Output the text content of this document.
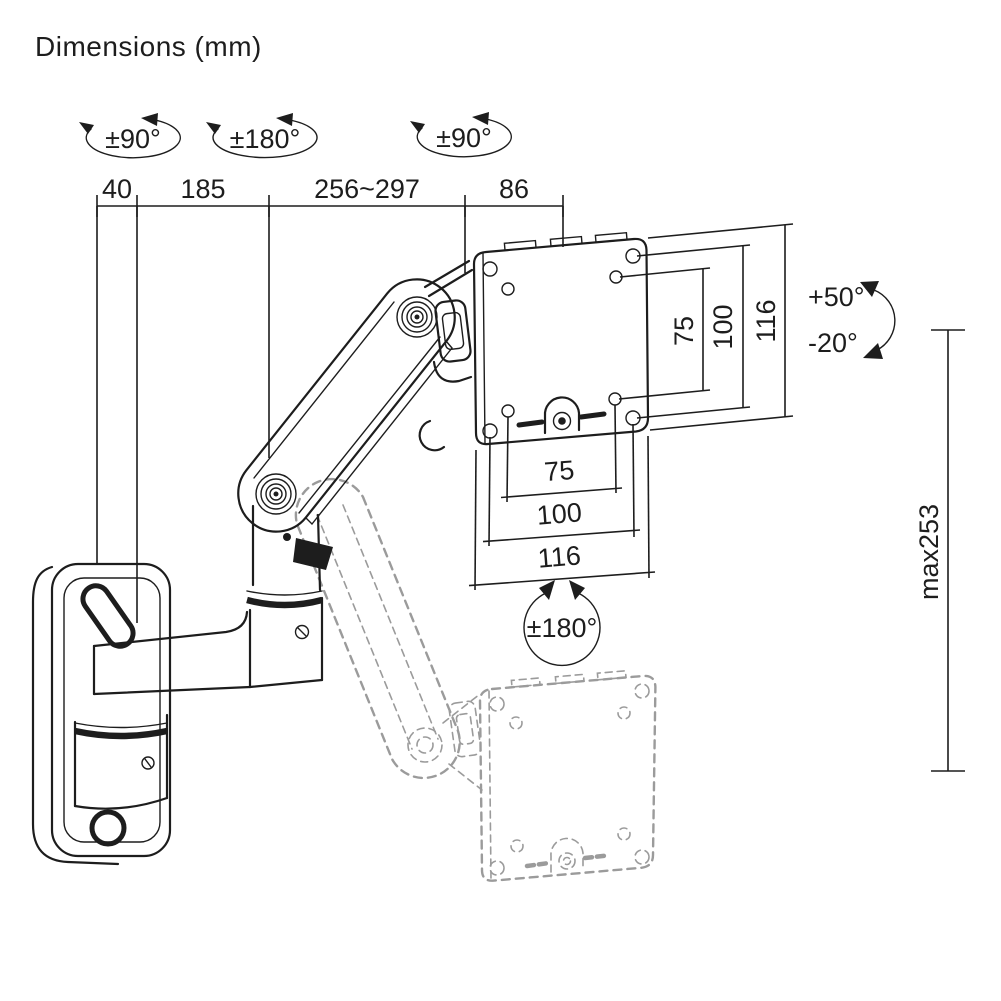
Dimensions (mm)
±90°	±180°	±90°
40 185	256~297	86
75 100 116
75
100
116
±180°
+50°
-20°
max253
